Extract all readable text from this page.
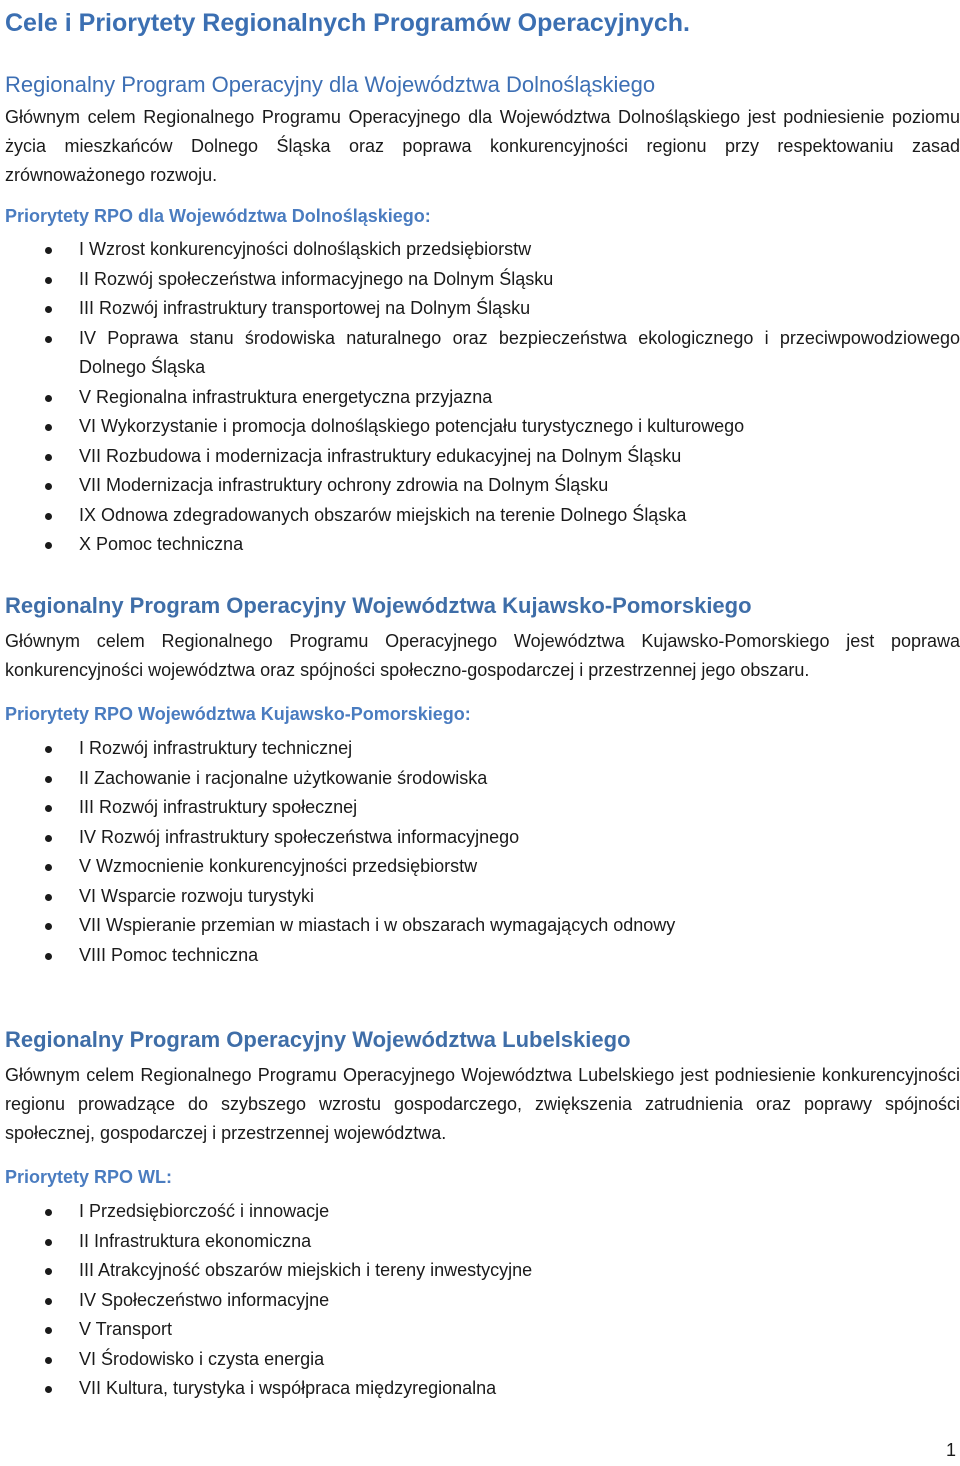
Cele i Priorytety Regionalnych Programów Operacyjnych.
Regionalny Program Operacyjny dla Województwa Dolnośląskiego

Głównym celem Regionalnego Programu Operacyjnego dla Województwa Dolnośląskiego jest podniesienie poziomu życia mieszkańców Dolnego Śląska oraz poprawa konkurencyjności regionu przy respektowaniu zasad zrównoważonego rozwoju.

Priorytety RPO dla Województwa Dolnośląskiego:
I Wzrost konkurencyjności dolnośląskich przedsiębiorstw
II Rozwój społeczeństwa informacyjnego na Dolnym Śląsku
III Rozwój infrastruktury transportowej na Dolnym Śląsku
IV Poprawa stanu środowiska naturalnego oraz bezpieczeństwa ekologicznego i przeciwpowodziowego Dolnego Śląska
V Regionalna infrastruktura energetyczna przyjazna
VI Wykorzystanie i promocja dolnośląskiego potencjału turystycznego i kulturowego
VII Rozbudowa i modernizacja infrastruktury edukacyjnej na Dolnym Śląsku
VII Modernizacja infrastruktury ochrony zdrowia na Dolnym Śląsku
IX Odnowa zdegradowanych obszarów miejskich na terenie Dolnego Śląska
X Pomoc techniczna
Regionalny Program Operacyjny Województwa Kujawsko-Pomorskiego

Głównym celem Regionalnego Programu Operacyjnego Województwa Kujawsko-Pomorskiego jest poprawa konkurencyjności województwa oraz spójności społeczno-gospodarczej i przestrzennej jego obszaru.

Priorytety RPO Województwa Kujawsko-Pomorskiego:
I Rozwój infrastruktury technicznej
II Zachowanie i racjonalne użytkowanie środowiska
III Rozwój infrastruktury społecznej
IV Rozwój infrastruktury społeczeństwa informacyjnego
V Wzmocnienie konkurencyjności przedsiębiorstw
VI Wsparcie rozwoju turystyki
VII Wspieranie przemian w miastach i w obszarach wymagających odnowy
VIII Pomoc techniczna
Regionalny Program Operacyjny Województwa Lubelskiego

Głównym celem Regionalnego Programu Operacyjnego Województwa Lubelskiego jest podniesienie konkurencyjności regionu prowadzące do szybszego wzrostu gospodarczego, zwiększenia zatrudnienia oraz poprawy spójności społecznej, gospodarczej i przestrzennej województwa.

Priorytety RPO WL:
I Przedsiębiorczość i innowacje
II Infrastruktura ekonomiczna
III Atrakcyjność obszarów miejskich i tereny inwestycyjne
IV Społeczeństwo informacyjne
V Transport
VI Środowisko i czysta energia
VII Kultura, turystyka i współpraca międzyregionalna
1
